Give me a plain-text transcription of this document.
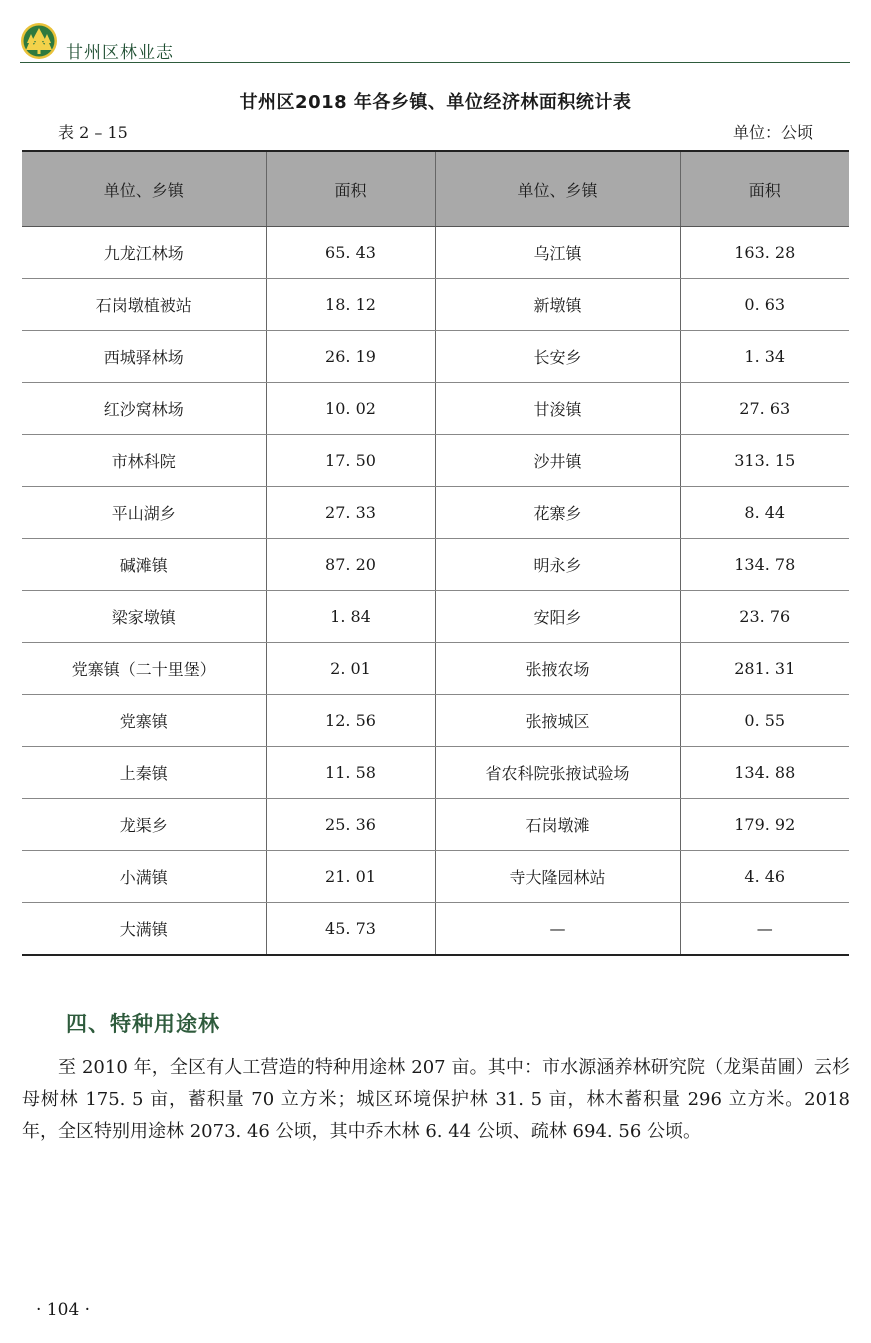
甘州区林业志
甘州区2018 年各乡镇、单位经济林面积统计表
表 2 – 15	单位：公顷
单位、乡镇	面积	单位、乡镇	面积
九龙江林场	65. 43	乌江镇	163. 28
石岗墩植被站	18. 12	新墩镇	0. 63
西城驿林场	26. 19	长安乡	1. 34
红沙窝林场	10. 02	甘浚镇	27. 63
市林科院	17. 50	沙井镇	313. 15
平山湖乡	27. 33	花寨乡	8. 44
碱滩镇	87. 20	明永乡	134. 78
梁家墩镇	1. 84	安阳乡	23. 76
党寨镇（二十里堡）	2. 01	张掖农场	281. 31
党寨镇	12. 56	张掖城区	0. 55
上秦镇	11. 58	省农科院张掖试验场	134. 88
龙渠乡	25. 36	石岗墩滩	179. 92
小满镇	21. 01	寺大隆园林站	4. 46
大满镇	45. 73	—	—
四、特种用途林

至 2010 年，全区有人工营造的特种用途林 207 亩。其中：市水源涵养林研究院（龙渠苗圃）云杉母树林 175. 5 亩，蓄积量 70 立方米；城区环境保护林 31. 5 亩，林木蓄积量 296 立方米。2018 年，全区特别用途林 2073. 46 公顷，其中乔木林 6. 44 公顷、疏林 694. 56 公顷。

· 104 ·
